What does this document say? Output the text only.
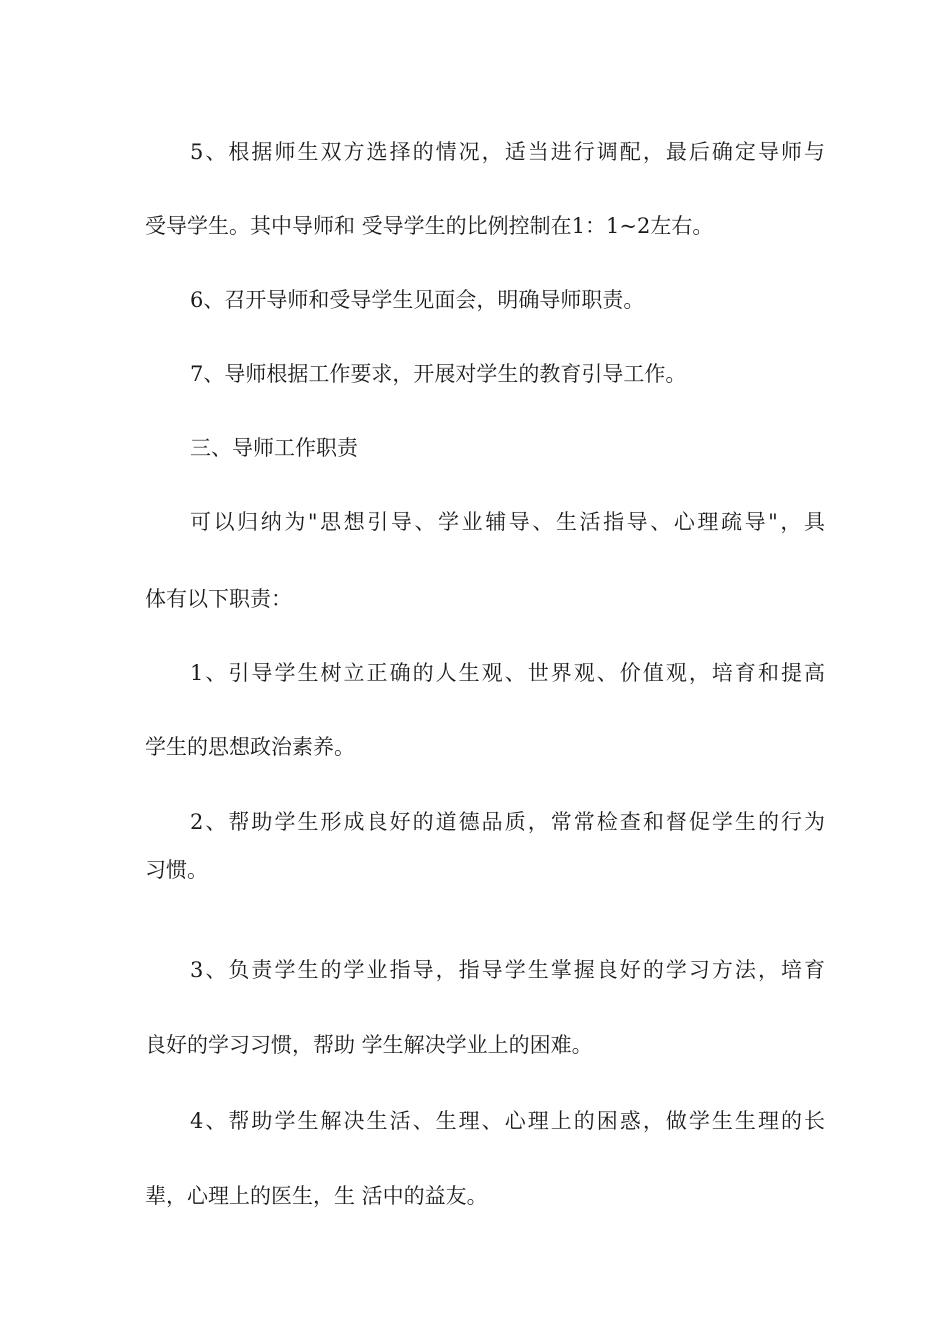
5、根据师生双方选择的情况，适当进行调配，最后确定导师与
受导学生。其中导师和 受导学生的比例控制在1：1~2左右。
6、召开导师和受导学生见面会，明确导师职责。
7、导师根据工作要求，开展对学生的教育引导工作。
三、导师工作职责
可以归纳为"思想引导、学业辅导、生活指导、心理疏导"，具
体有以下职责：
1、引导学生树立正确的人生观、世界观、价值观，培育和提高
学生的思想政治素养。
2、帮助学生形成良好的道德品质，常常检查和督促学生的行为
习惯。
3、负责学生的学业指导，指导学生掌握良好的学习方法，培育
良好的学习习惯，帮助 学生解决学业上的困难。
4、帮助学生解决生活、生理、心理上的困惑，做学生生理的长
辈，心理上的医生，生 活中的益友。
